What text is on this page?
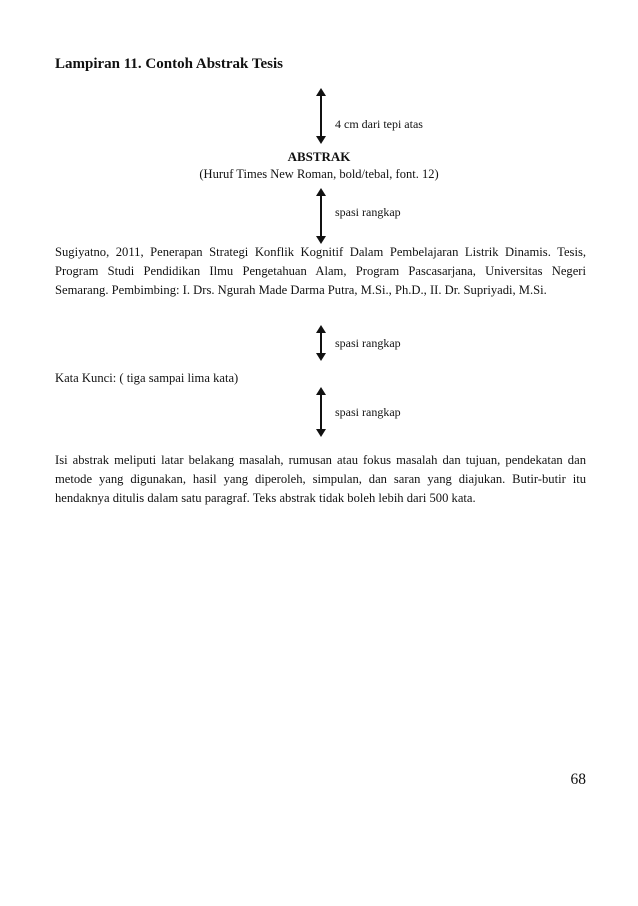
Lampiran 11. Contoh Abstrak Tesis
4 cm dari tepi atas
ABSTRAK
(Huruf Times New Roman, bold/tebal, font. 12)
spasi rangkap
Sugiyatno, 2011, Penerapan Strategi Konflik Kognitif Dalam Pembelajaran Listrik Dinamis. Tesis, Program Studi Pendidikan Ilmu Pengetahuan Alam, Program Pascasarjana, Universitas Negeri Semarang. Pembimbing: I. Drs. Ngurah Made Darma Putra, M.Si., Ph.D., II. Dr. Supriyadi, M.Si.
spasi rangkap
Kata Kunci: ( tiga sampai lima kata)
spasi rangkap
Isi abstrak meliputi latar belakang masalah, rumusan atau fokus masalah dan tujuan, pendekatan dan metode yang digunakan, hasil yang diperoleh, simpulan, dan saran yang diajukan. Butir-butir itu hendaknya ditulis dalam satu paragraf. Teks abstrak tidak boleh lebih dari 500 kata.
68
